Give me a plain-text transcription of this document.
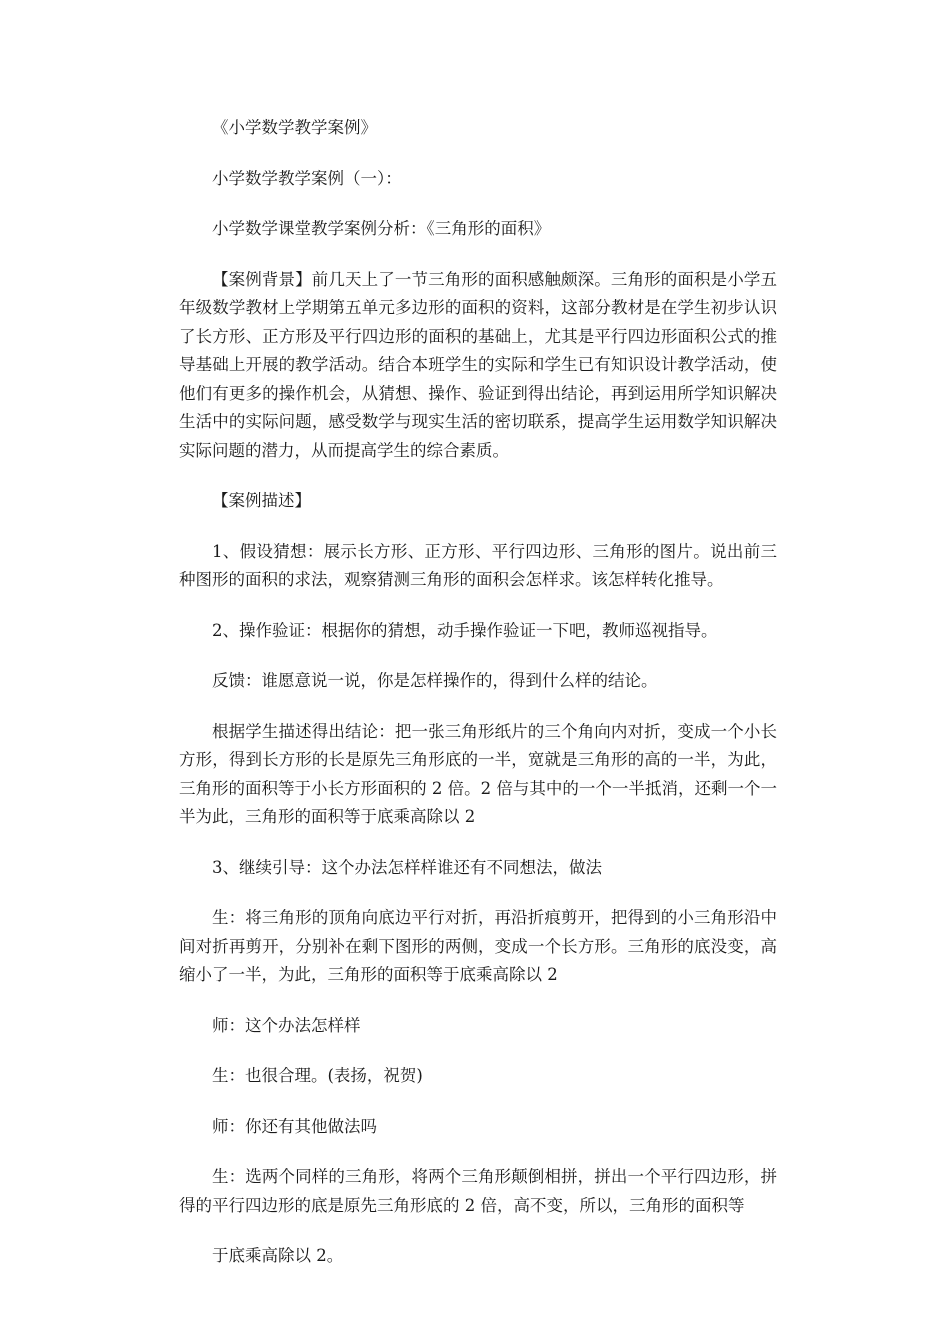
《小学数学教学案例》

小学数学教学案例（一）：

小学数学课堂教学案例分析：《三角形的面积》

【案例背景】前几天上了一节三角形的面积感触颇深。三角形的面积是小学五年级数学教材上学期第五单元多边形的面积的资料，这部分教材是在学生初步认识了长方形、正方形及平行四边形的面积的基础上，尤其是平行四边形面积公式的推导基础上开展的教学活动。结合本班学生的实际和学生已有知识设计教学活动，使他们有更多的操作机会，从猜想、操作、验证到得出结论，再到运用所学知识解决生活中的实际问题，感受数学与现实生活的密切联系，提高学生运用数学知识解决实际问题的潜力，从而提高学生的综合素质。

【案例描述】

1、假设猜想：展示长方形、正方形、平行四边形、三角形的图片。说出前三种图形的面积的求法，观察猜测三角形的面积会怎样求。该怎样转化推导。

2、操作验证：根据你的猜想，动手操作验证一下吧，教师巡视指导。

反馈：谁愿意说一说，你是怎样操作的，得到什么样的结论。

根据学生描述得出结论：把一张三角形纸片的三个角向内对折，变成一个小长方形，得到长方形的长是原先三角形底的一半，宽就是三角形的高的一半，为此，三角形的面积等于小长方形面积的 2 倍。2 倍与其中的一个一半抵消，还剩一个一半为此，三角形的面积等于底乘高除以 2

3、继续引导：这个办法怎样样谁还有不同想法，做法

生：将三角形的顶角向底边平行对折，再沿折痕剪开，把得到的小三角形沿中间对折再剪开，分别补在剩下图形的两侧，变成一个长方形。三角形的底没变，高缩小了一半，为此，三角形的面积等于底乘高除以 2

师：这个办法怎样样

生：也很合理。(表扬，祝贺)

师：你还有其他做法吗

生：选两个同样的三角形，将两个三角形颠倒相拼，拼出一个平行四边形，拼得的平行四边形的底是原先三角形底的 2 倍，高不变，所以，三角形的面积等

于底乘高除以 2。
